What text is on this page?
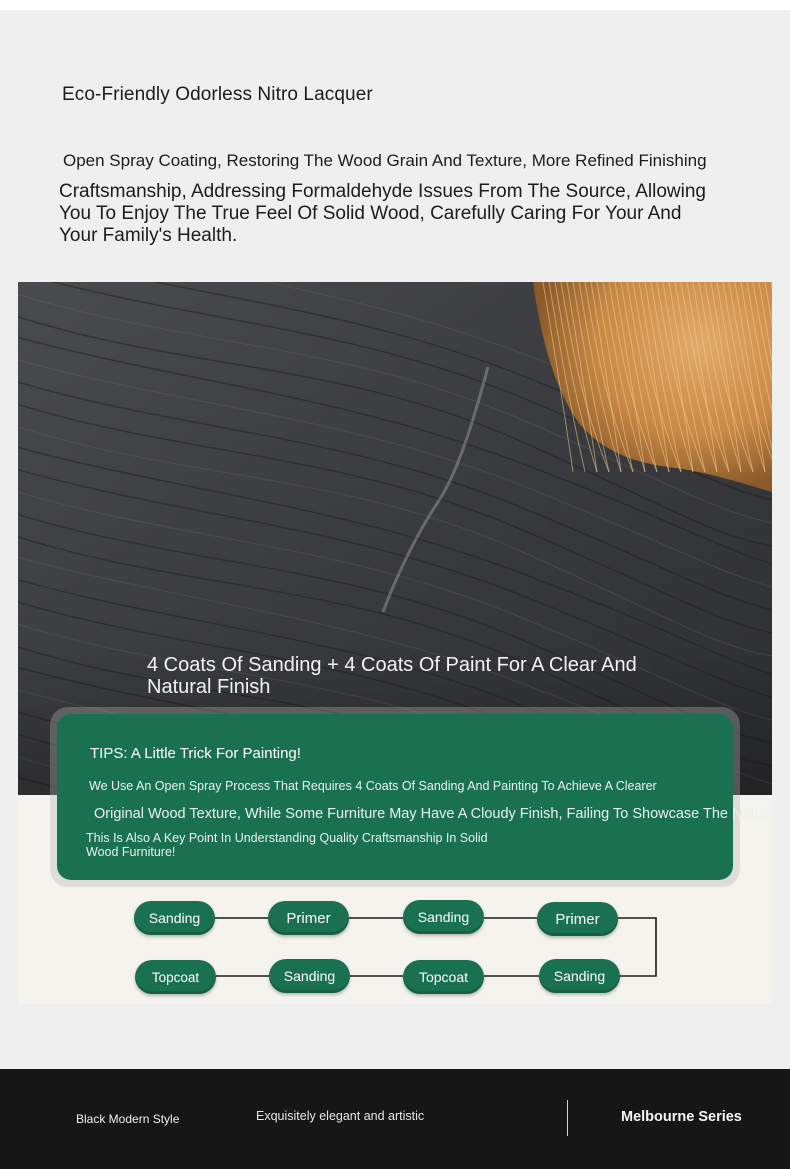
Eco-Friendly Odorless Nitro Lacquer
Open Spray Coating, Restoring The Wood Grain And Texture, More Refined Finishing
Craftsmanship, Addressing Formaldehyde Issues From The Source, Allowing You To Enjoy The True Feel Of Solid Wood, Carefully Caring For Your And Your Family's Health.
4 Coats Of Sanding + 4 Coats Of Paint For A Clear And Natural Finish
TIPS: A Little Trick For Painting!
We Use An Open Spray Process That Requires 4 Coats Of Sanding And Painting To Achieve A Clearer
Original Wood Texture, While Some Furniture May Have A Cloudy Finish, Failing To Showcase The Natural
This Is Also A Key Point In Understanding Quality Craftsmanship In Solid Wood Furniture!
Sanding	Primer	Sanding	Primer
Topcoat	Sanding	Topcoat	Sanding
Black Modern Style	Exquisitely elegant and artistic	Melbourne Series
